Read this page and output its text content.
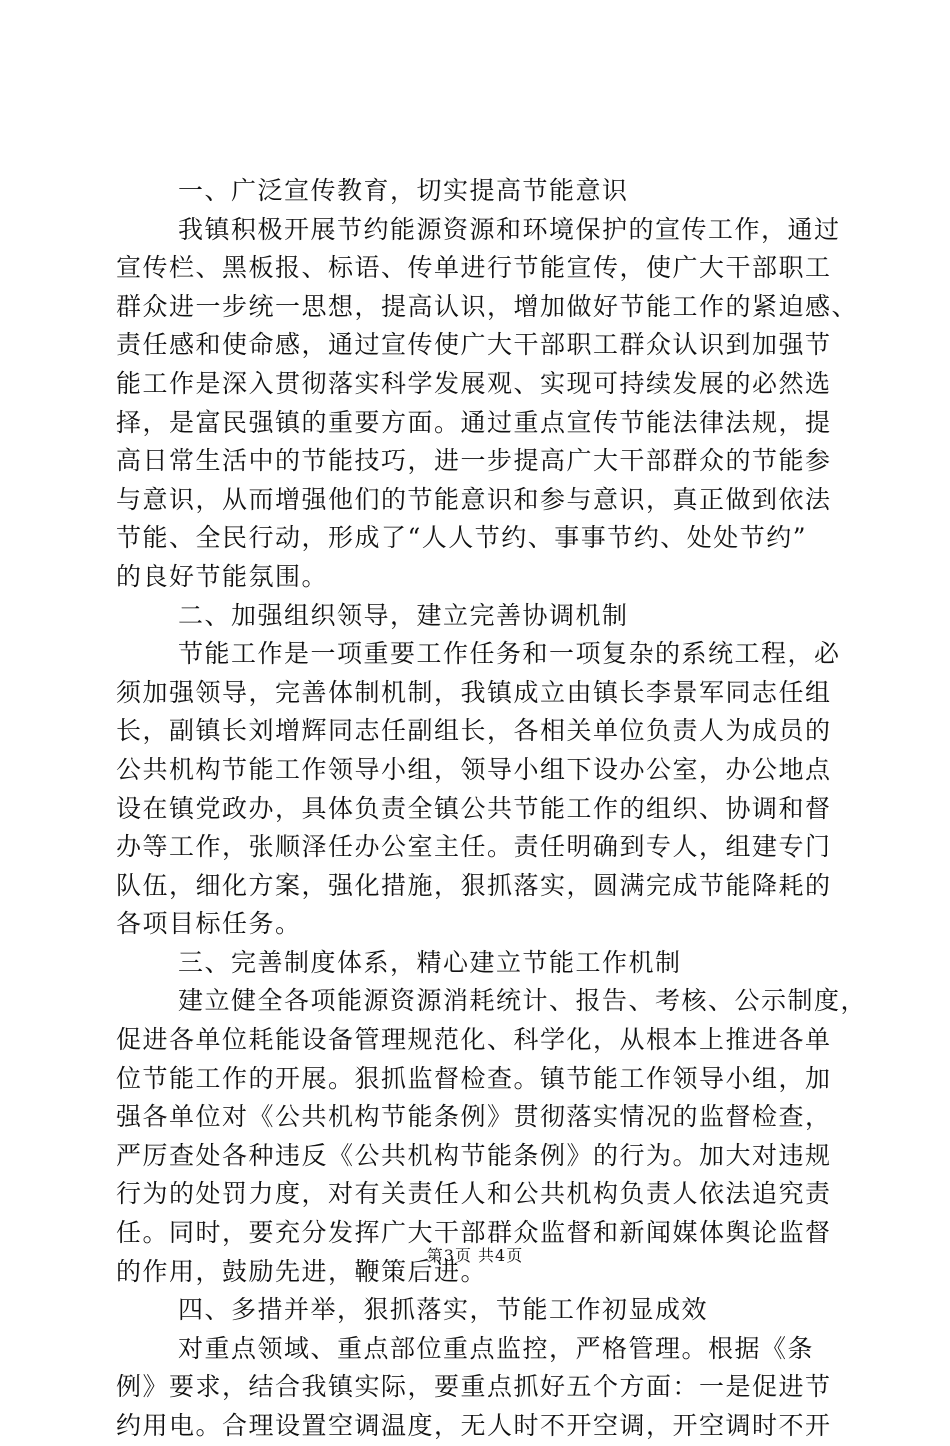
一、广泛宣传教育，切实提高节能意识
我镇积极开展节约能源资源和环境保护的宣传工作，通过
宣传栏、黑板报、标语、传单进行节能宣传，使广大干部职工
群众进一步统一思想，提高认识，增加做好节能工作的紧迫感、
责任感和使命感，通过宣传使广大干部职工群众认识到加强节
能工作是深入贯彻落实科学发展观、实现可持续发展的必然选
择，是富民强镇的重要方面。通过重点宣传节能法律法规，提
高日常生活中的节能技巧，进一步提高广大干部群众的节能参
与意识，从而增强他们的节能意识和参与意识，真正做到依法
节能、全民行动，形成了“人人节约、事事节约、处处节约”
的良好节能氛围。
二、加强组织领导，建立完善协调机制
节能工作是一项重要工作任务和一项复杂的系统工程，必
须加强领导，完善体制机制，我镇成立由镇长李景军同志任组
长，副镇长刘增辉同志任副组长，各相关单位负责人为成员的
公共机构节能工作领导小组，领导小组下设办公室，办公地点
设在镇党政办，具体负责全镇公共节能工作的组织、协调和督
办等工作，张顺泽任办公室主任。责任明确到专人，组建专门
队伍，细化方案，强化措施，狠抓落实，圆满完成节能降耗的
各项目标任务。
三、完善制度体系，精心建立节能工作机制
建立健全各项能源资源消耗统计、报告、考核、公示制度，
促进各单位耗能设备管理规范化、科学化，从根本上推进各单
位节能工作的开展。狠抓监督检查。镇节能工作领导小组，加
强各单位对《公共机构节能条例》贯彻落实情况的监督检查，
严厉查处各种违反《公共机构节能条例》的行为。加大对违规
行为的处罚力度，对有关责任人和公共机构负责人依法追究责
任。同时，要充分发挥广大干部群众监督和新闻媒体舆论监督
的作用，鼓励先进，鞭策后进。
四、多措并举，狠抓落实，节能工作初显成效
对重点领域、重点部位重点监控，严格管理。根据《条
例》要求，结合我镇实际，要重点抓好五个方面：一是促进节
约用电。合理设置空调温度，无人时不开空调，开空调时不开
第3页 共4页
